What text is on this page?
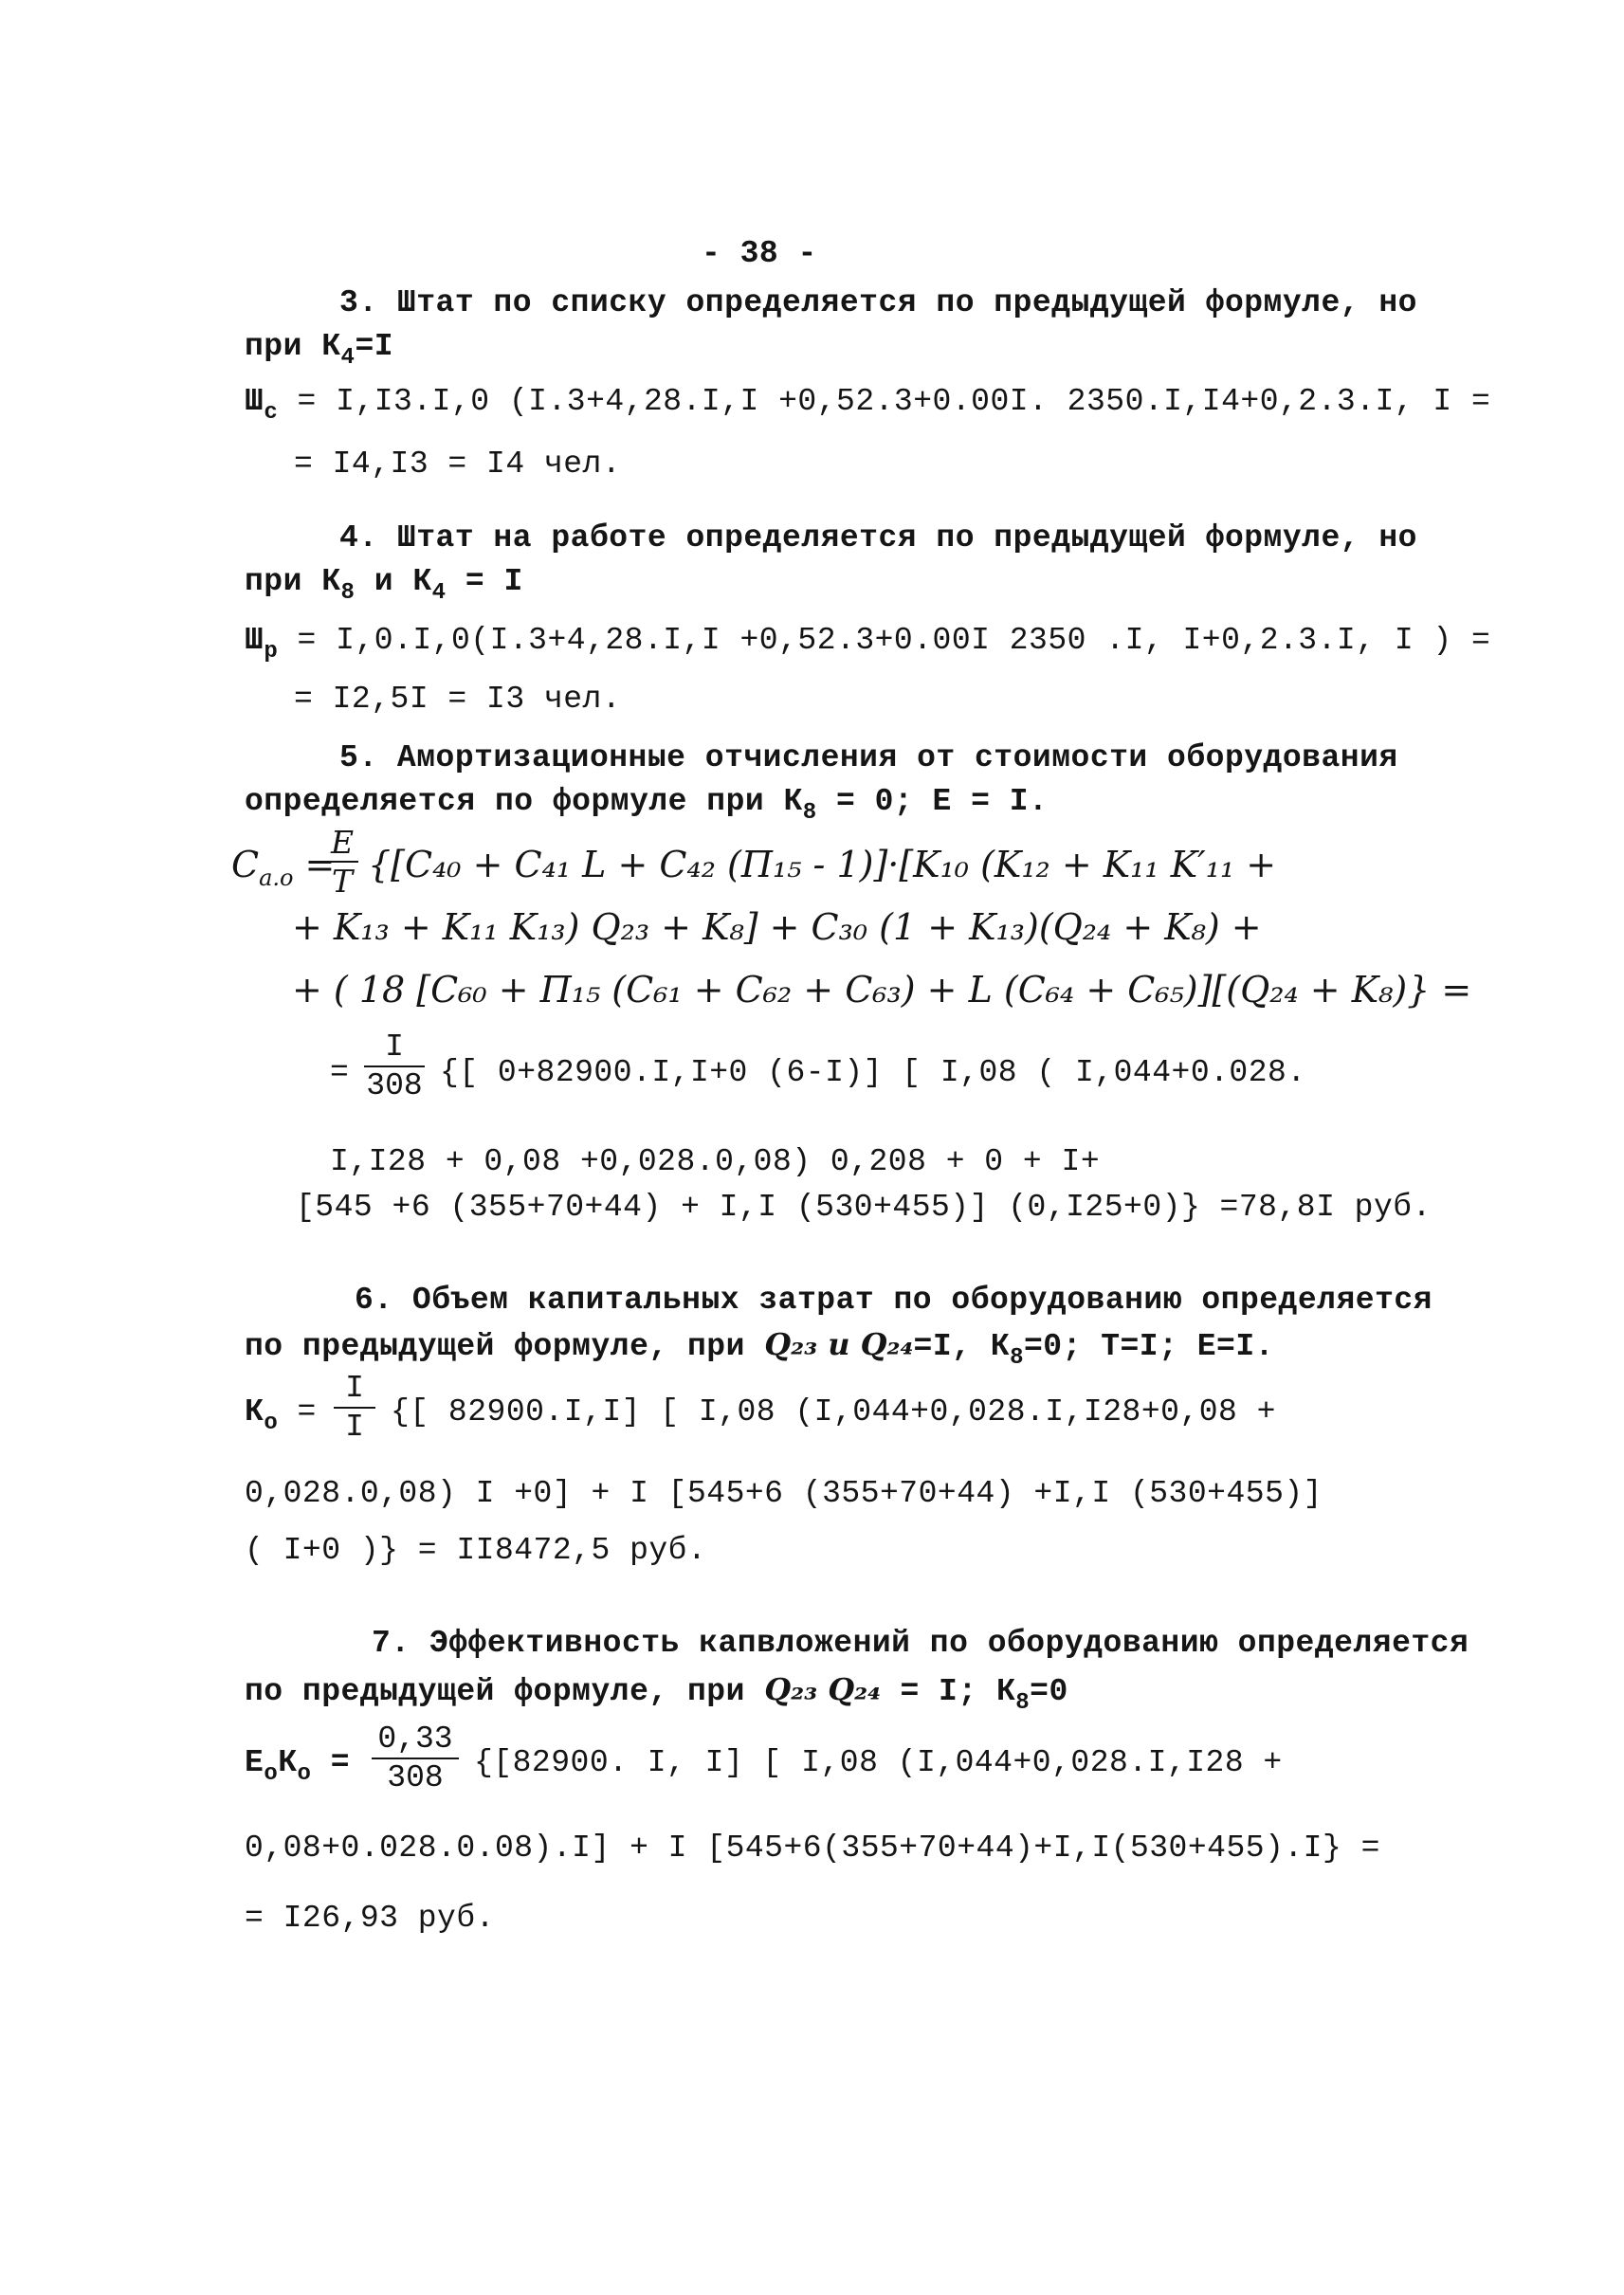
- 38 -
3. Штат по списку определяется по предыдущей формуле, но
при $К_4=I$
$Ш_с = I,I3.I,0$ (I.3+4,28.I,I +0,52.3+0.00I. 2350.I,I4+0,2.3.I, I =
= I4,I3 = I4 чел.
4. Штат на работе определяется по предыдущей формуле, но
при $К_8$ и $К_4 = I$
$Ш_р = I,0.I,0(I.3+4,28.I,I +0,52.3+0.00I$ 2350 .I, I+0,2.3.I, I ) =
= I2,5I = I3 чел.
5. Амортизационные отчисления от стоимости оборудования
определяется по формуле при $К_8 = 0$; Е = I.
$C_{a.o}$ =
$\frac{E}{T} \{[C_{40} + C_{41}$ L + C₄₂ (П₁₅ - 1)]·[K₁₀ (K₁₂ + K₁₁ K′₁₁ +
+ K₁₃ + K₁₁ K₁₃) Q₂₃ + K₈] + C₃₀ (1 + K₁₃)(Q₂₄ + K₈) +
+ ( 18 [C₆₀ + П₁₅ (C₆₁ + C₆₂ + C₆₃) + L (C₆₄ + C₆₅)][(Q₂₄ + K₈)} =
= $\frac{I}{308}$ {[ 0+82900.I,I+0 (6-I)] [ I,08 ( I,044+0.028.
I,I28 + 0,08 +0,028.0,08) 0,208 + 0 + I+
[545 +6 (355+70+44) + I,I (530+455)] (0,I25+0)} =78,8I руб.
6. Объем капитальных затрат по оборудованию определяется
по предыдущей формуле, при Q₂₃ и Q₂₄=I, $К_8=0$; Т=I; Е=I.
$К_о = \frac{I}{I}$ {[ 82900.I,I] [ I,08 (I,044+0,028.I,I28+0,08 +
0,028.0,08) I +0] + I [545+6 (355+70+44) +I,I (530+455)]
( I+0 )} = II8472,5 руб.
7. Эффективность капвложений по оборудованию определяется
по предыдущей формуле, при Q₂₃ Q₂₄ = I; $К_8=0$
$Е_оК_о = \frac{0,33}{308} \{[82900$. I, I] [ I,08 (I,044+0,028.I,I28 +
0,08+0.028.0.08).I] + I [545+6(355+70+44)+I,I(530+455).I} =
= I26,93 руб.
